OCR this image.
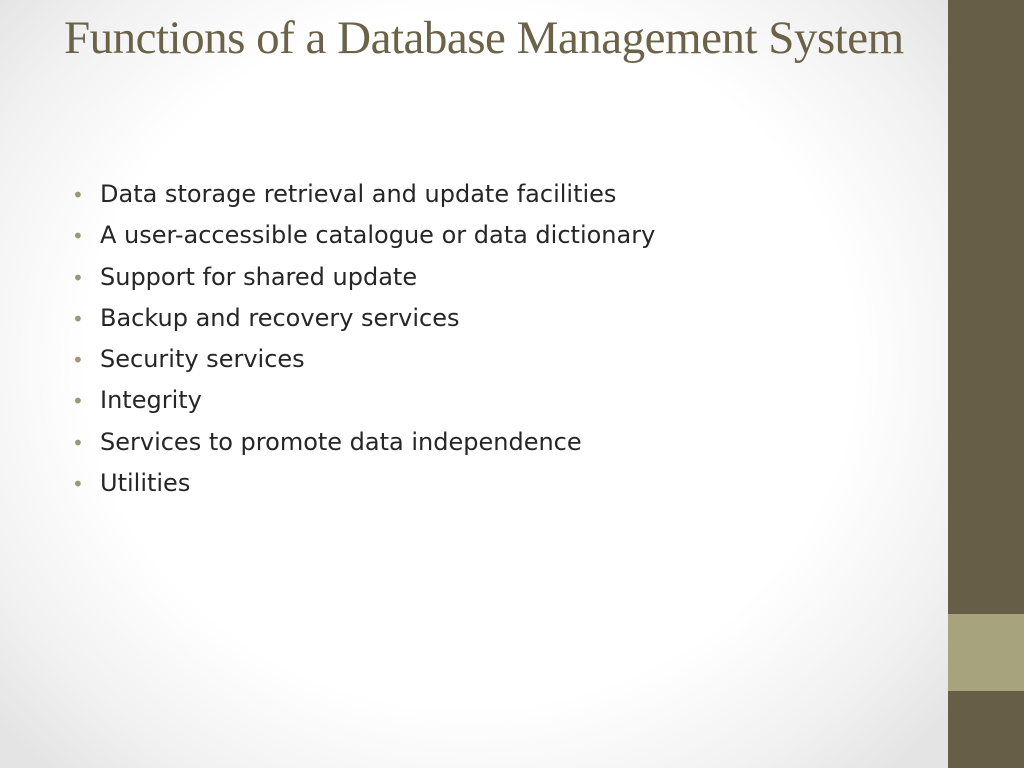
Functions of a Database Management System
• Data storage retrieval and update facilities
• A user-accessible catalogue or data dictionary
• Support for shared update
• Backup and recovery services
• Security services
• Integrity
• Services to promote data independence
• Utilities
